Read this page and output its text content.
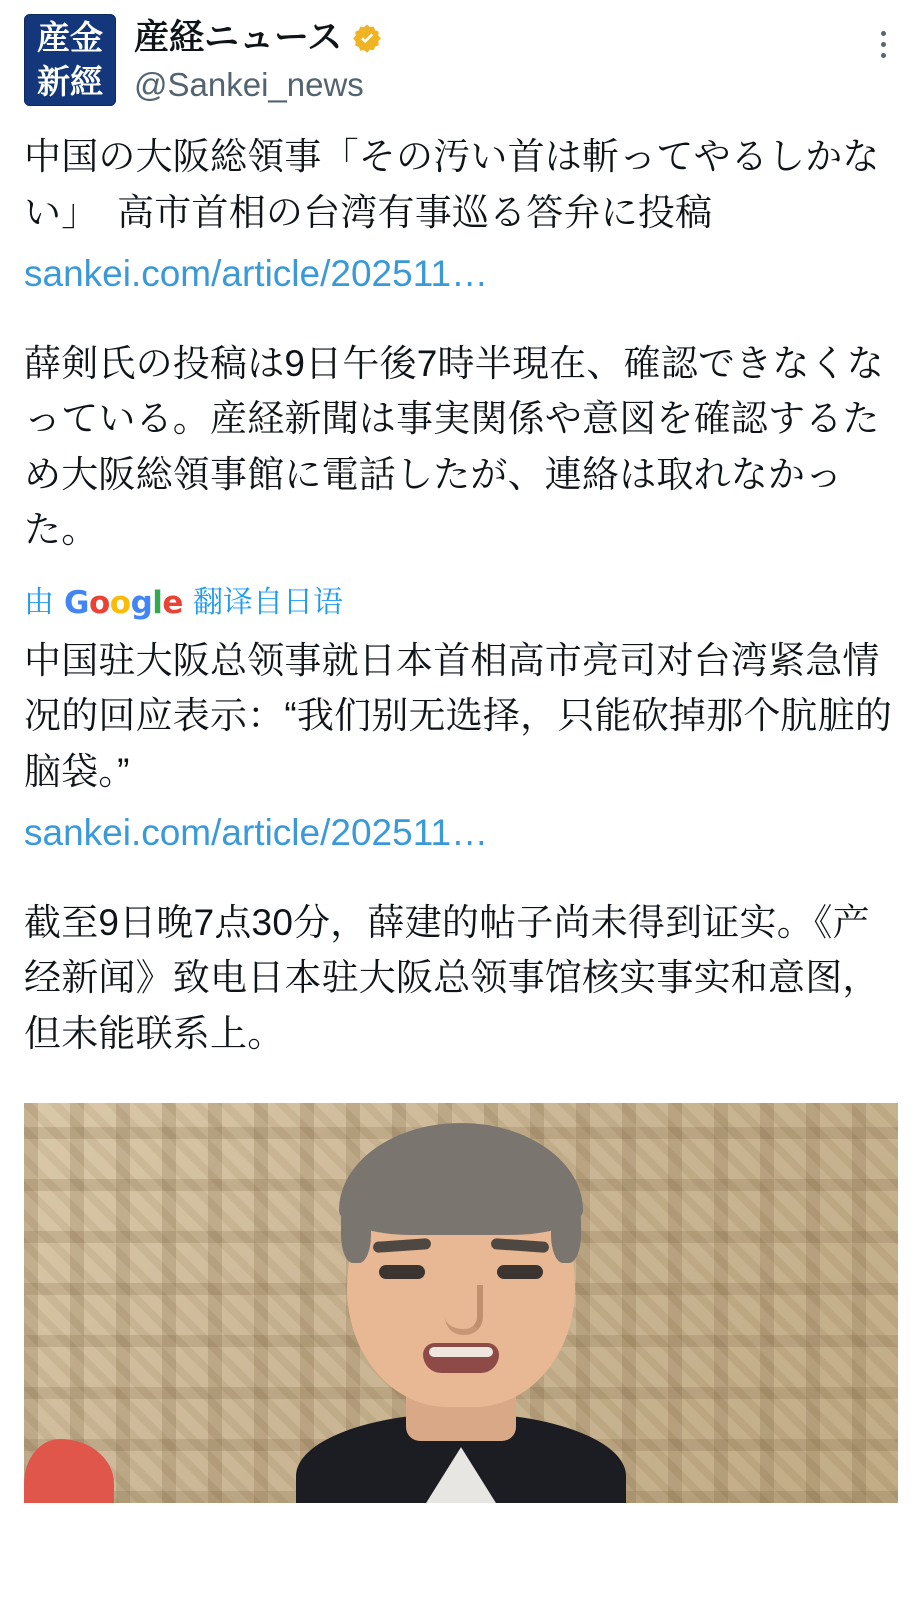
産金
新經
聞
産経ニュース
@Sankei_news
中国の大阪総領事「その汚い首は斬ってやるしかない」　高市首相の台湾有事巡る答弁に投稿
sankei.com/article/202511…
薛剣氏の投稿は9日午後7時半現在、確認できなくなっている。産経新聞は事実関係や意図を確認するため大阪総領事館に電話したが、連絡は取れなかった。
由 Google 翻译自日语
中国驻大阪总领事就日本首相高市亮司对台湾紧急情况的回应表示：“我们别无选择，只能砍掉那个肮脏的脑袋。”
sankei.com/article/202511…
截至9日晚7点30分，薛建的帖子尚未得到证实。《产经新闻》致电日本驻大阪总领事馆核实事实和意图，但未能联系上。
